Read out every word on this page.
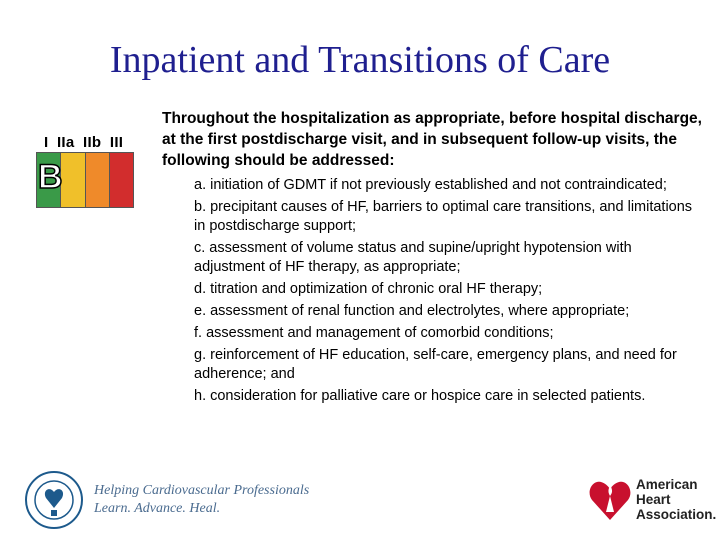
Inpatient and Transitions of Care
I IIa IIb III
B
Throughout the hospitalization as appropriate, before hospital discharge, at the first postdischarge visit, and in subsequent follow-up visits, the following should be addressed:
a. initiation of GDMT if not previously established and not contraindicated;
b. precipitant causes of HF, barriers to optimal care transitions, and limitations in postdischarge support;
c. assessment of volume status and supine/upright hypotension with adjustment of HF therapy, as appropriate;
d. titration and optimization of chronic oral HF therapy;
e. assessment of renal function and electrolytes, where appropriate;
f. assessment and management of comorbid conditions;
g. reinforcement of HF education, self-care, emergency plans, and need for adherence; and
h. consideration for palliative care or hospice care in selected patients.
Helping Cardiovascular Professionals
Learn. Advance. Heal.
American
Heart
Association.
